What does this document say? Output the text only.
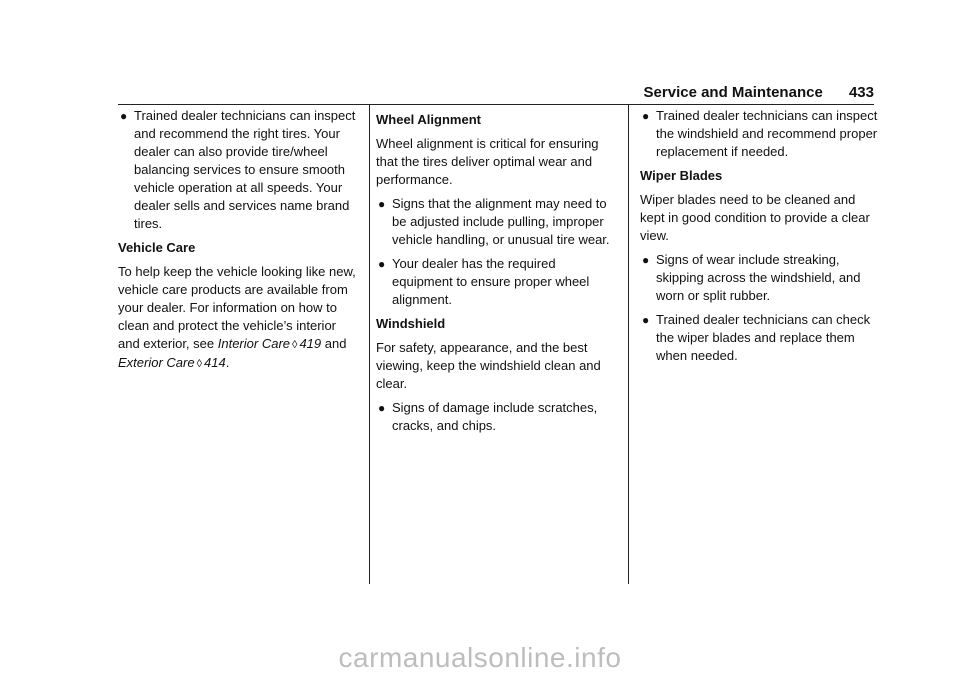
Service and Maintenance 433
● Trained dealer technicians can inspect and recommend the right tires. Your dealer can also provide tire/wheel balancing services to ensure smooth vehicle operation at all speeds. Your dealer sells and services name brand tires.
Vehicle Care
To help keep the vehicle looking like new, vehicle care products are available from your dealer. For information on how to clean and protect the vehicle’s interior and exterior, see Interior Care ◊ 419 and Exterior Care ◊ 414.
Wheel Alignment
Wheel alignment is critical for ensuring that the tires deliver optimal wear and performance.
● Signs that the alignment may need to be adjusted include pulling, improper vehicle handling, or unusual tire wear.
● Your dealer has the required equipment to ensure proper wheel alignment.
Windshield
For safety, appearance, and the best viewing, keep the windshield clean and clear.
● Signs of damage include scratches, cracks, and chips.
● Trained dealer technicians can inspect the windshield and recommend proper replacement if needed.
Wiper Blades
Wiper blades need to be cleaned and kept in good condition to provide a clear view.
● Signs of wear include streaking, skipping across the windshield, and worn or split rubber.
● Trained dealer technicians can check the wiper blades and replace them when needed.
carmanualsonline.info
